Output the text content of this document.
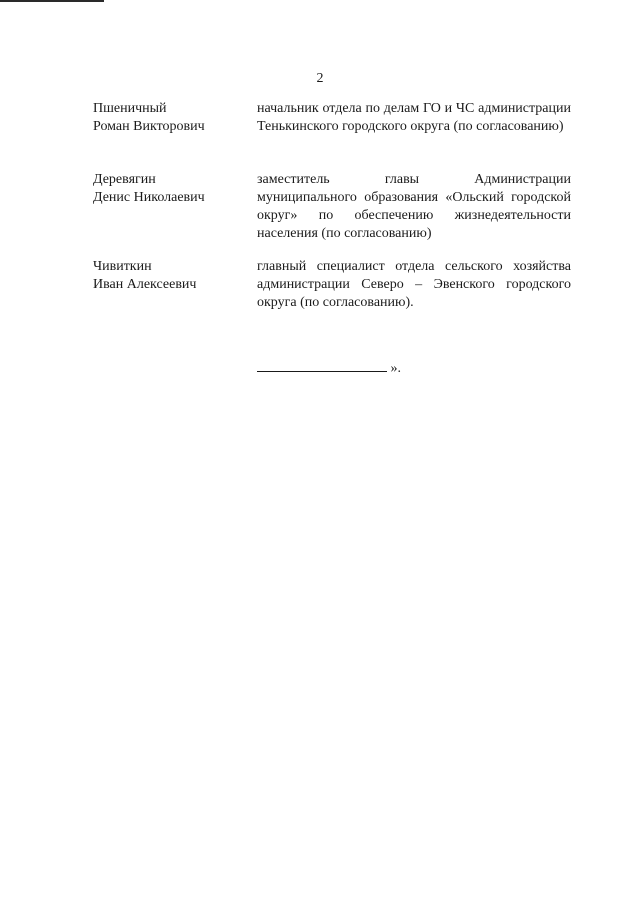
2
Пшеничный
Роман Викторович
начальник отдела по делам ГО и ЧС администрации Тенькинского городского округа (по согласованию)
Деревягин
Денис Николаевич
заместитель главы Администрации муниципального образования «Ольский городской округ» по обеспечению жизнедеятельности населения (по согласованию)
Чивиткин
Иван Алексеевич
главный специалист отдела сельского хозяйства администрации Северо – Эвенского городского округа (по согласованию).
».
